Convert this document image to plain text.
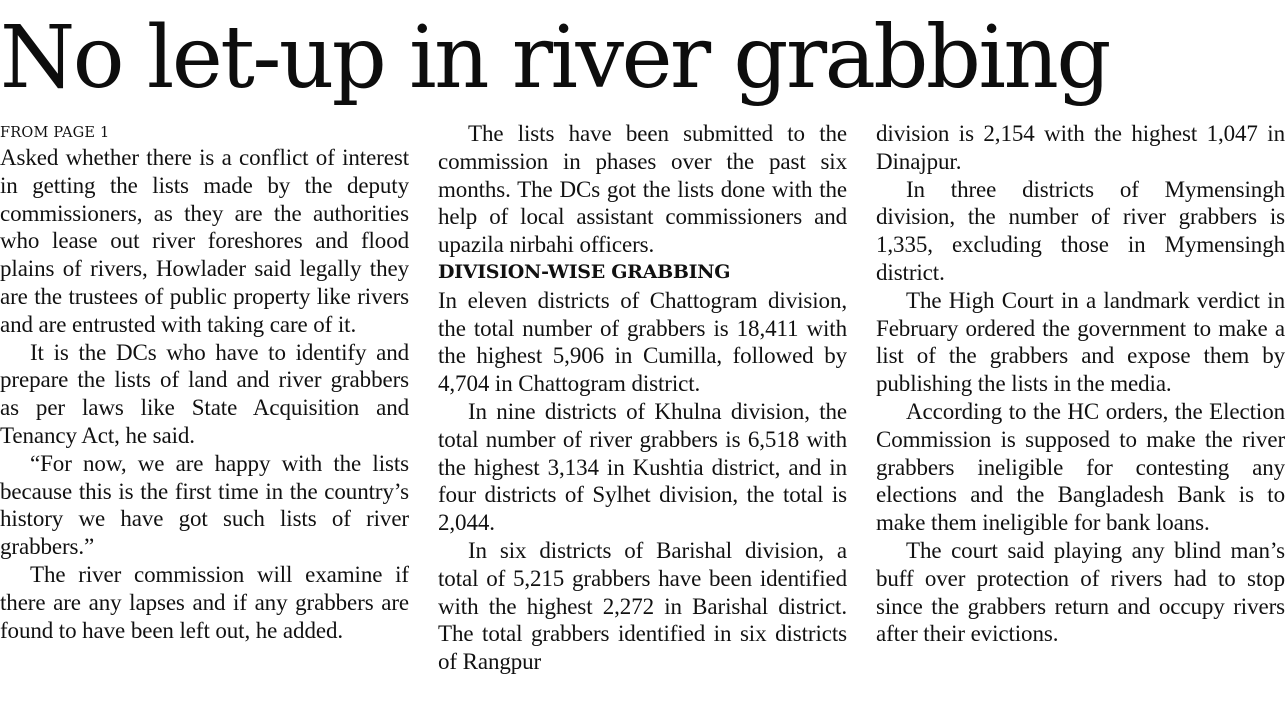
No let-up in river grabbing

FROM PAGE 1

Asked whether there is a conflict of interest in getting the lists made by the deputy commissioners, as they are the authorities who lease out river foreshores and flood plains of rivers, Howlader said legally they are the trustees of public property like rivers and are entrusted with taking care of it.

It is the DCs who have to identify and prepare the lists of land and river grabbers as per laws like State Acquisition and Tenancy Act, he said.

“For now, we are happy with the lists because this is the first time in the country’s history we have got such lists of river grabbers.”

The river commission will examine if there are any lapses and if any grabbers are found to have been left out, he added.

The lists have been submitted to the commission in phases over the past six months. The DCs got the lists done with the help of local assistant commissioners and upazila nirbahi officers.

DIVISION-WISE GRABBING

In eleven districts of Chattogram division, the total number of grabbers is 18,411 with the highest 5,906 in Cumilla, followed by 4,704 in Chattogram district.

In nine districts of Khulna division, the total number of river grabbers is 6,518 with the highest 3,134 in Kushtia district, and in four districts of Sylhet division, the total is 2,044.

In six districts of Barishal division, a total of 5,215 grabbers have been identified with the highest 2,272 in Barishal district. The total grabbers identified in six districts of Rangpur

division is 2,154 with the highest 1,047 in Dinajpur.

In three districts of Mymensingh division, the number of river grabbers is 1,335, excluding those in Mymensingh district.

The High Court in a landmark verdict in February ordered the government to make a list of the grabbers and expose them by publishing the lists in the media.

According to the HC orders, the Election Commission is supposed to make the river grabbers ineligible for contesting any elections and the Bangladesh Bank is to make them ineligible for bank loans.

The court said playing any blind man’s buff over protection of rivers had to stop since the grabbers return and occupy rivers after their evictions.
